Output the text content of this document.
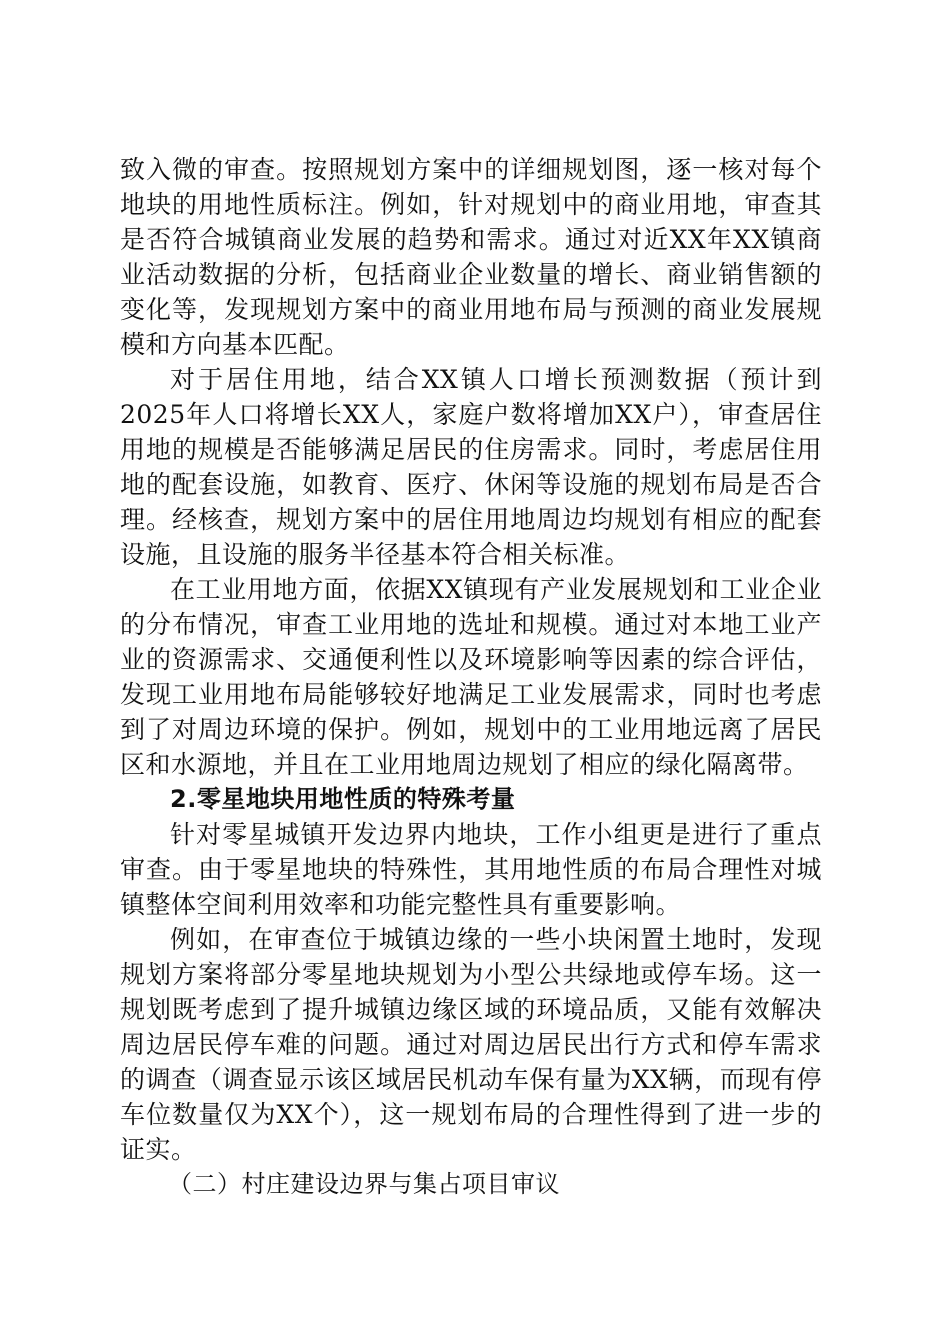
致入微的审查。按照规划方案中的详细规划图，逐一核对每个地块的用地性质标注。例如，针对规划中的商业用地，审查其是否符合城镇商业发展的趋势和需求。通过对近XX年XX镇商业活动数据的分析，包括商业企业数量的增长、商业销售额的变化等，发现规划方案中的商业用地布局与预测的商业发展规模和方向基本匹配。

对于居住用地，结合XX镇人口增长预测数据（预计到2025年人口将增长XX人，家庭户数将增加XX户），审查居住用地的规模是否能够满足居民的住房需求。同时，考虑居住用地的配套设施，如教育、医疗、休闲等设施的规划布局是否合理。经核查，规划方案中的居住用地周边均规划有相应的配套设施，且设施的服务半径基本符合相关标准。

在工业用地方面，依据XX镇现有产业发展规划和工业企业的分布情况，审查工业用地的选址和规模。通过对本地工业产业的资源需求、交通便利性以及环境影响等因素的综合评估，发现工业用地布局能够较好地满足工业发展需求，同时也考虑到了对周边环境的保护。例如，规划中的工业用地远离了居民区和水源地，并且在工业用地周边规划了相应的绿化隔离带。

2.零星地块用地性质的特殊考量

针对零星城镇开发边界内地块，工作小组更是进行了重点审查。由于零星地块的特殊性，其用地性质的布局合理性对城镇整体空间利用效率和功能完整性具有重要影响。

例如，在审查位于城镇边缘的一些小块闲置土地时，发现规划方案将部分零星地块规划为小型公共绿地或停车场。这一规划既考虑到了提升城镇边缘区域的环境品质，又能有效解决周边居民停车难的问题。通过对周边居民出行方式和停车需求的调查（调查显示该区域居民机动车保有量为XX辆，而现有停车位数量仅为XX个），这一规划布局的合理性得到了进一步的证实。

（二）村庄建设边界与集占项目审议
